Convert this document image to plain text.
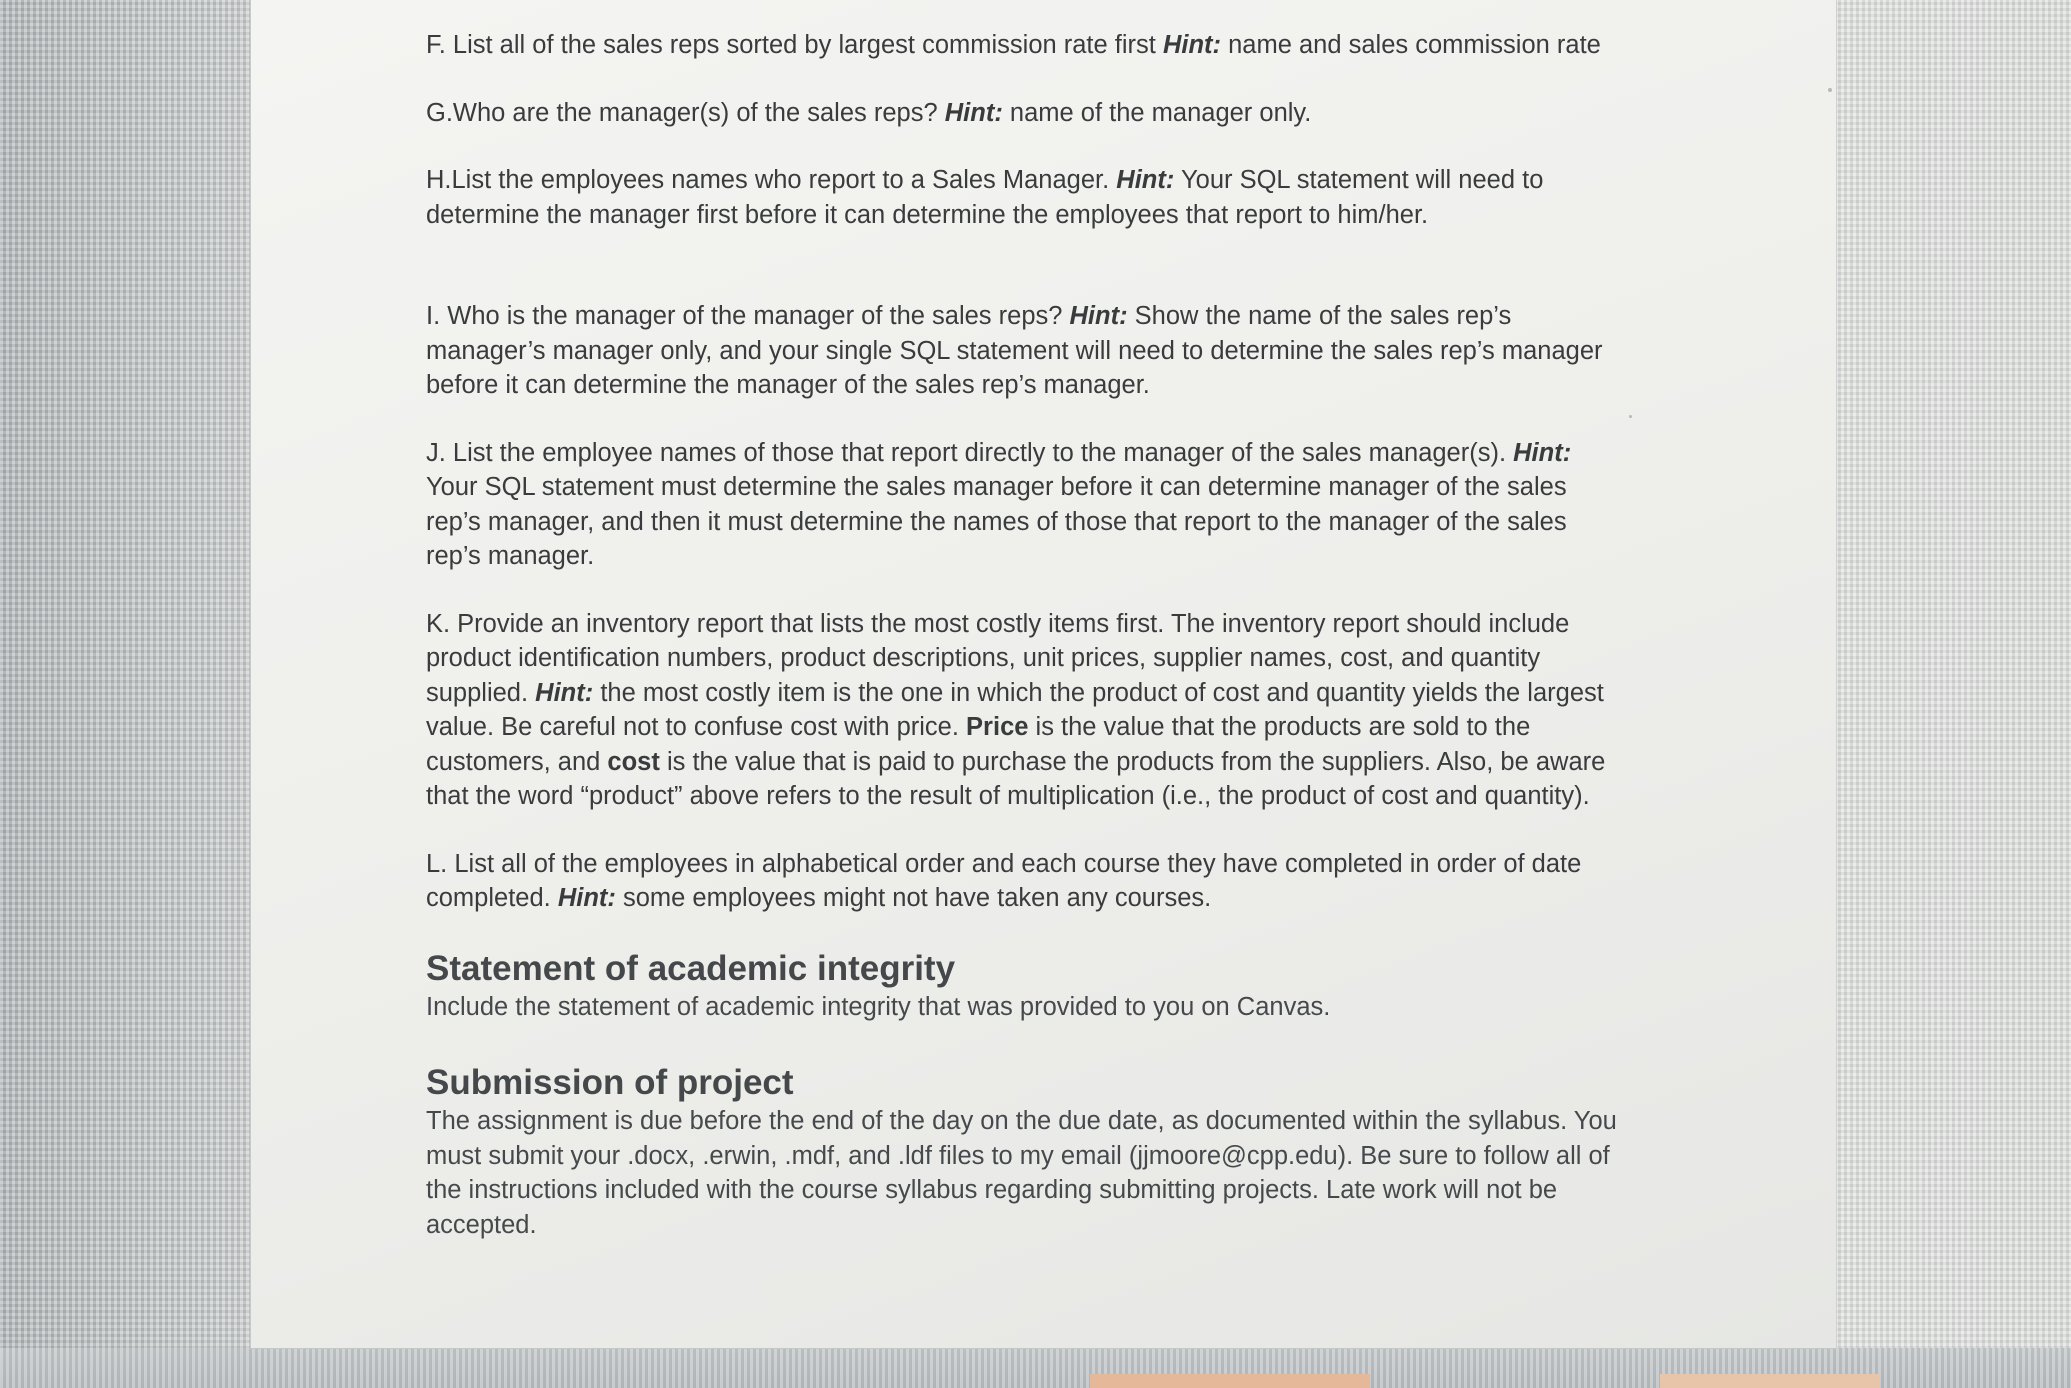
F. List all of the sales reps sorted by largest commission rate first Hint: name and sales commission rate

G.Who are the manager(s) of the sales reps? Hint: name of the manager only.

H.List the employees names who report to a Sales Manager. Hint: Your SQL statement will need to determine the manager first before it can determine the employees that report to him/her.

I. Who is the manager of the manager of the sales reps? Hint: Show the name of the sales rep’s manager’s manager only, and your single SQL statement will need to determine the sales rep’s manager before it can determine the manager of the sales rep’s manager.

J. List the employee names of those that report directly to the manager of the sales manager(s). Hint: Your SQL statement must determine the sales manager before it can determine manager of the sales rep’s manager, and then it must determine the names of those that report to the manager of the sales rep’s manager.

K. Provide an inventory report that lists the most costly items first. The inventory report should include product identification numbers, product descriptions, unit prices, supplier names, cost, and quantity supplied. Hint: the most costly item is the one in which the product of cost and quantity yields the largest value. Be careful not to confuse cost with price. Price is the value that the products are sold to the customers, and cost is the value that is paid to purchase the products from the suppliers. Also, be aware that the word “product” above refers to the result of multiplication (i.e., the product of cost and quantity).

L. List all of the employees in alphabetical order and each course they have completed in order of date completed. Hint: some employees might not have taken any courses.

Statement of academic integrity

Include the statement of academic integrity that was provided to you on Canvas.

Submission of project

The assignment is due before the end of the day on the due date, as documented within the syllabus. You must submit your .docx, .erwin, .mdf, and .ldf files to my email (jjmoore@cpp.edu). Be sure to follow all of the instructions included with the course syllabus regarding submitting projects. Late work will not be accepted.
